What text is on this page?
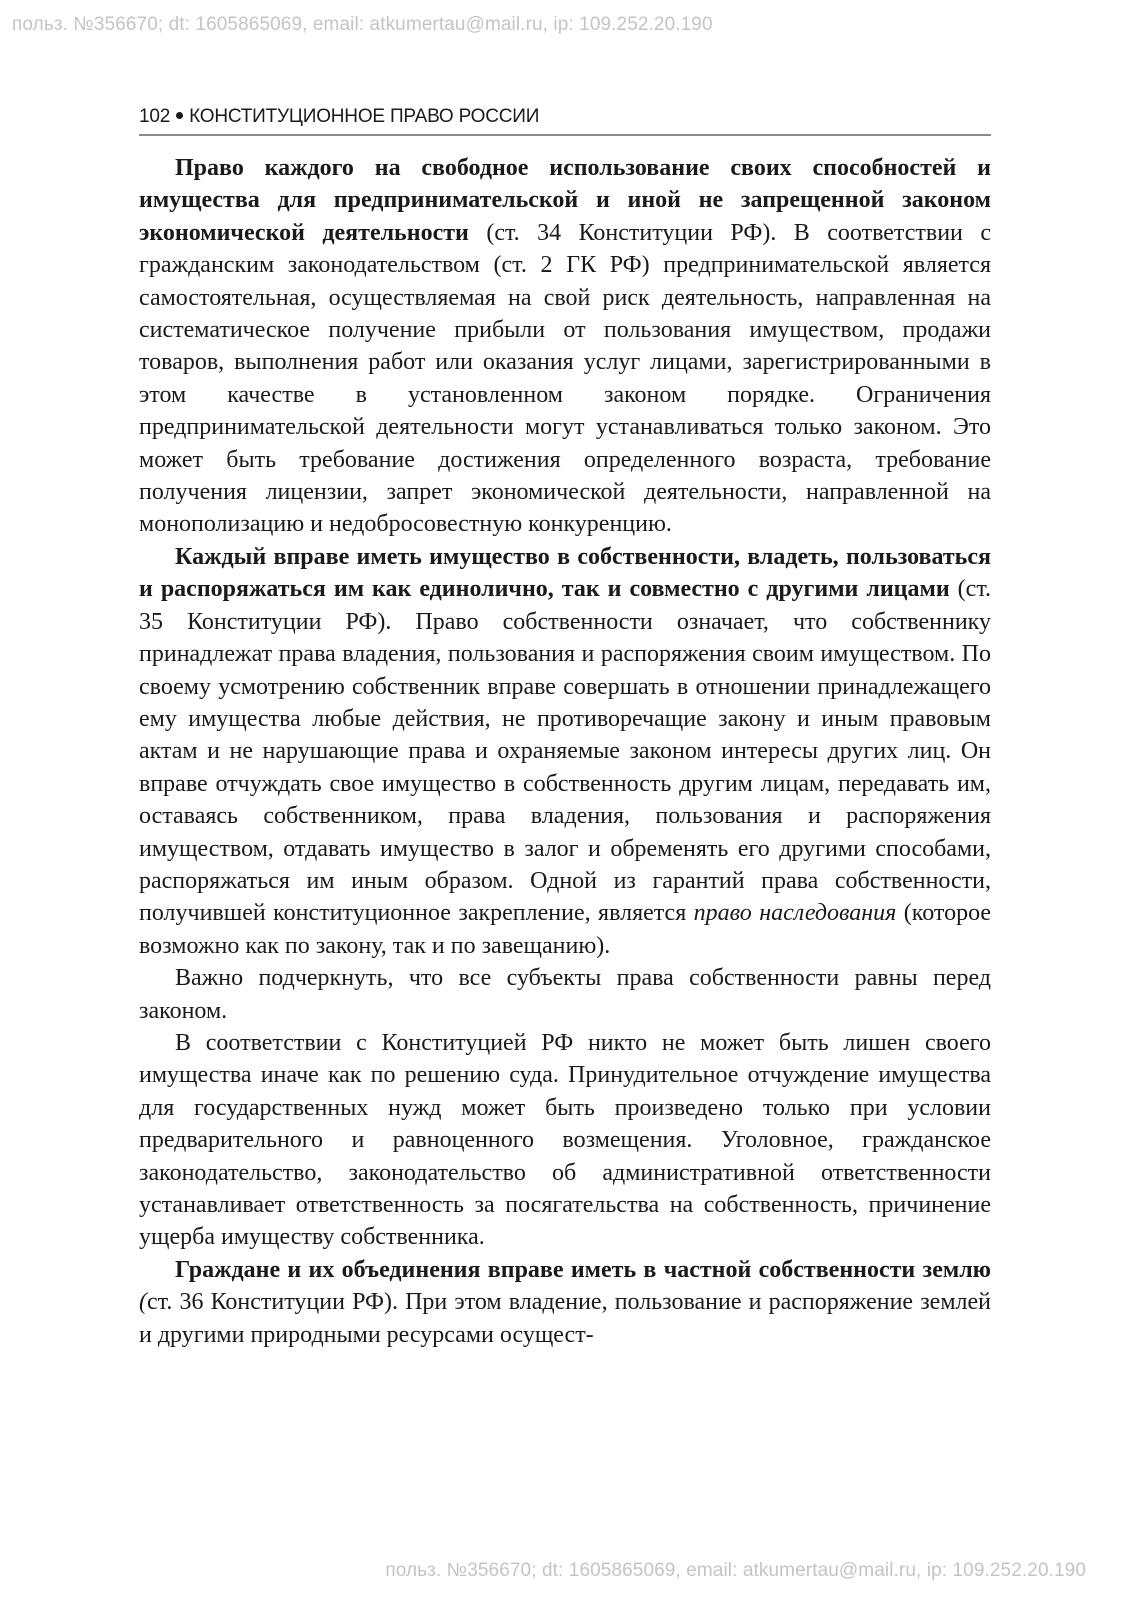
польз. №356670; dt: 1605865069, email: atkumertau@mail.ru, ip: 109.252.20.190
102 КОНСТИТУЦИОННОЕ ПРАВО РОССИИ

Право каждого на свободное использование своих способностей и имущества для предпринимательской и иной не запрещенной законом экономической деятельности (ст. 34 Конституции РФ). В соответствии с гражданским законодательством (ст. 2 ГК РФ) предпринимательской является самостоятельная, осуществляемая на свой риск деятельность, направленная на систематическое получение прибыли от пользования имуществом, продажи товаров, выполнения работ или оказания услуг лицами, зарегистрированными в этом качестве в установленном законом порядке. Ограничения предпринимательской деятельности могут устанавливаться только законом. Это может быть требование достижения определенного возраста, требование получения лицензии, запрет экономической деятельности, направленной на монополизацию и недобросовестную конкуренцию.

Каждый вправе иметь имущество в собственности, владеть, пользоваться и распоряжаться им как единолично, так и совместно с другими лицами (ст. 35 Конституции РФ). Право собственности означает, что собственнику принадлежат права владения, пользования и распоряжения своим имуществом. По своему усмотрению собственник вправе совершать в отношении принадлежащего ему имущества любые действия, не противоречащие закону и иным правовым актам и не нарушающие права и охраняемые законом интересы других лиц. Он вправе отчуждать свое имущество в собственность другим лицам, передавать им, оставаясь собственником, права владения, пользования и распоряжения имуществом, отдавать имущество в залог и обременять его другими способами, распоряжаться им иным образом. Одной из гарантий права собственности, получившей конституционное закрепление, является право наследования (которое возможно как по закону, так и по завещанию).

Важно подчеркнуть, что все субъекты права собственности равны перед законом.

В соответствии с Конституцией РФ никто не может быть лишен своего имущества иначе как по решению суда. Принудительное отчуждение имущества для государственных нужд может быть произведено только при условии предварительного и равноценного возмещения. Уголовное, гражданское законодательство, законодательство об административной ответственности устанавливает ответственность за посягательства на собственность, причинение ущерба имуществу собственника.

Граждане и их объединения вправе иметь в частной собственности землю (ст. 36 Конституции РФ). При этом владение, пользование и распоряжение землей и другими природными ресурсами осущест-

польз. №356670; dt: 1605865069, email: atkumertau@mail.ru, ip: 109.252.20.190
